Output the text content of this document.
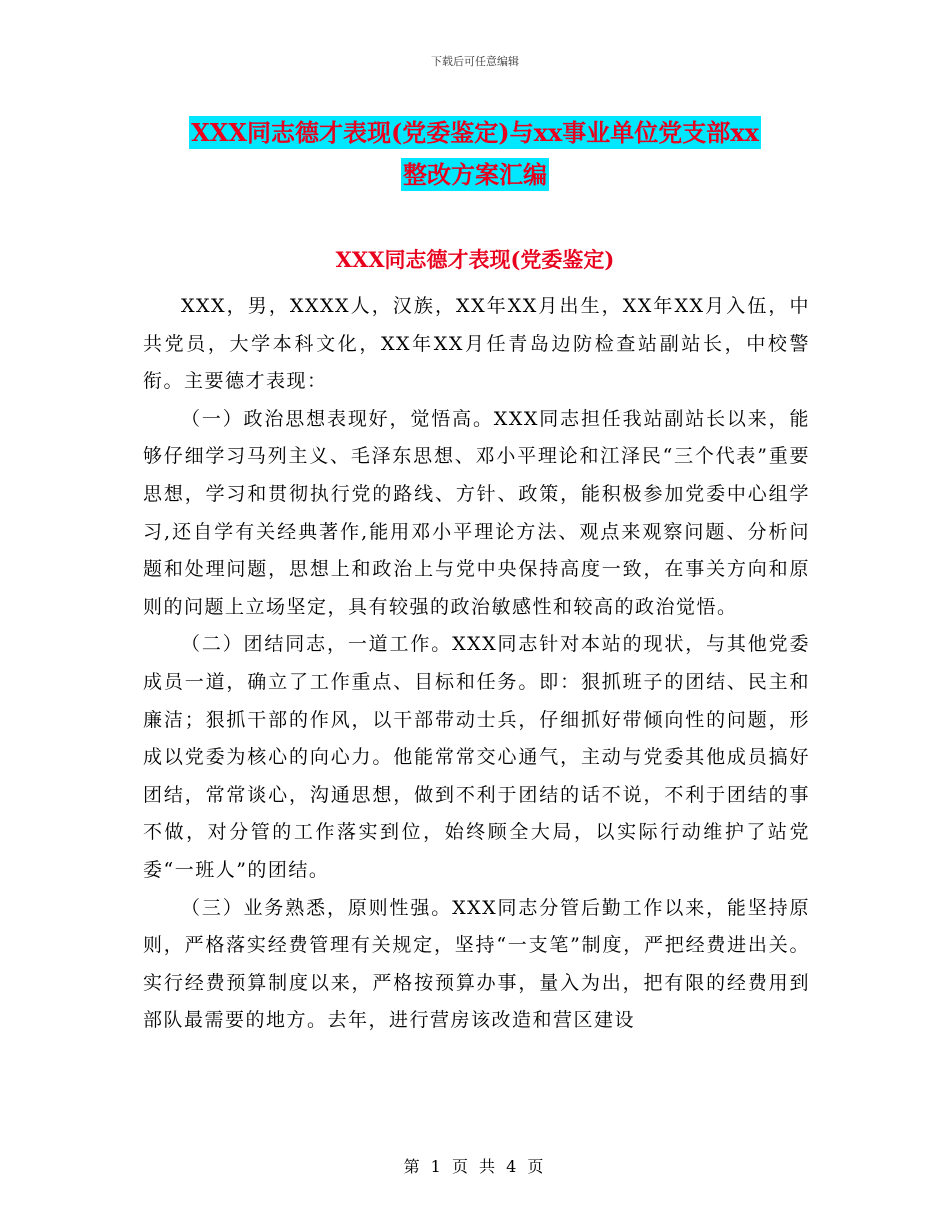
下载后可任意编辑
XXX同志德才表现(党委鉴定)与xx事业单位党支部xx
整改方案汇编
XXX同志德才表现(党委鉴定)

XXX，男，XXXX人，汉族，XX年XX月出生，XX年XX月入伍，中共党员，大学本科文化，XX年XX月任青岛边防检查站副站长，中校警衔。主要德才表现：

（一）政治思想表现好，觉悟高。XXX同志担任我站副站长以来，能够仔细学习马列主义、毛泽东思想、邓小平理论和江泽民“三个代表”重要思想，学习和贯彻执行党的路线、方针、政策，能积极参加党委中心组学习,还自学有关经典著作,能用邓小平理论方法、观点来观察问题、分析问题和处理问题，思想上和政治上与党中央保持高度一致，在事关方向和原则的问题上立场坚定，具有较强的政治敏感性和较高的政治觉悟。

（二）团结同志，一道工作。XXX同志针对本站的现状，与其他党委成员一道，确立了工作重点、目标和任务。即：狠抓班子的团结、民主和廉洁；狠抓干部的作风，以干部带动士兵，仔细抓好带倾向性的问题，形成以党委为核心的向心力。他能常常交心通气，主动与党委其他成员搞好团结，常常谈心，沟通思想，做到不利于团结的话不说，不利于团结的事不做，对分管的工作落实到位，始终顾全大局，以实际行动维护了站党委“一班人”的团结。

（三）业务熟悉，原则性强。XXX同志分管后勤工作以来，能坚持原则，严格落实经费管理有关规定，坚持“一支笔”制度，严把经费进出关。实行经费预算制度以来，严格按预算办事，量入为出，把有限的经费用到部队最需要的地方。去年，进行营房该改造和营区建设

第 1 页 共 4 页
